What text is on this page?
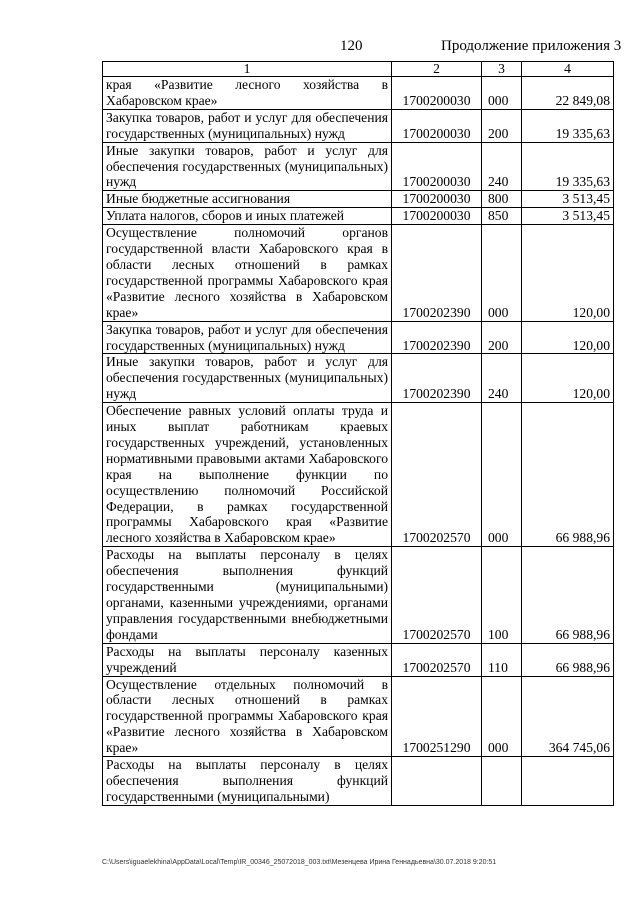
120	Продолжение приложения 3
1	2	3	4
края «Развитие лесного хозяйства в Хабаровском крае»	1700200030	000	22 849,08
Закупка товаров, работ и услуг для обеспечения государственных (муниципальных) нужд	1700200030	200	19 335,63
Иные закупки товаров, работ и услуг для обеспечения государственных (муниципальных) нужд	1700200030	240	19 335,63
Иные бюджетные ассигнования	1700200030	800	3 513,45
Уплата налогов, сборов и иных платежей	1700200030	850	3 513,45
Осуществление полномочий органов государственной власти Хабаровского края в области лесных отношений в рамках государственной программы Хабаровского края «Развитие лесного хозяйства в Хабаровском крае»	1700202390	000	120,00
Закупка товаров, работ и услуг для обеспечения государственных (муниципальных) нужд	1700202390	200	120,00
Иные закупки товаров, работ и услуг для обеспечения государственных (муниципальных) нужд	1700202390	240	120,00
Обеспечение равных условий оплаты труда и иных выплат работникам краевых государственных учреждений, установленных нормативными правовыми актами Хабаровского края на выполнение функции по осуществлению полномочий Российской Федерации, в рамках государственной программы Хабаровского края «Развитие лесного хозяйства в Хабаровском крае»	1700202570	000	66 988,96
Расходы на выплаты персоналу в целях обеспечения выполнения функций государственными (муниципальными) органами, казенными учреждениями, органами управления государственными внебюджетными фондами	1700202570	100	66 988,96
Расходы на выплаты персоналу казенных учреждений	1700202570	110	66 988,96
Осуществление отдельных полномочий в области лесных отношений в рамках государственной программы Хабаровского края «Развитие лесного хозяйства в Хабаровском крае»	1700251290	000	364 745,06
Расходы на выплаты персоналу в целях обеспечения выполнения функций государственными (муниципальными)			
C:\Users\iguaelekhina\AppData\Local\Temp\IR_00346_25072018_003.txt\Мезенцева Ирина Геннадьевна\30.07.2018 9:20:51
